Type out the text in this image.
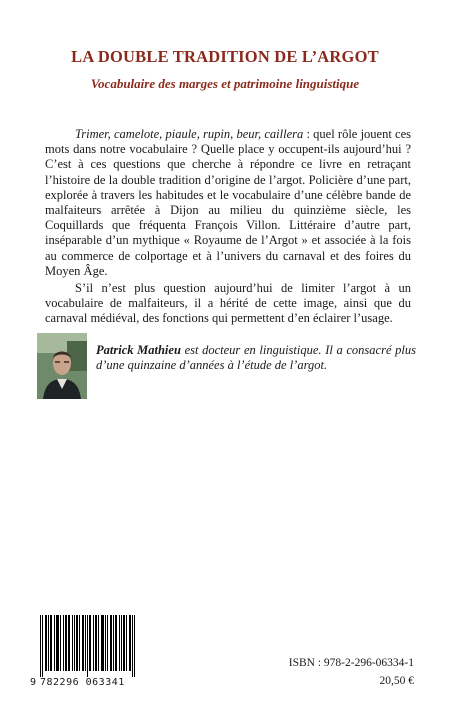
LA DOUBLE TRADITION DE L’ARGOT
Vocabulaire des marges et patrimoine linguistique

Trimer, camelote, piaule, rupin, beur, caillera : quel rôle jouent ces mots dans notre vocabulaire ? Quelle place y occupent-ils aujourd’hui ? C’est à ces questions que cherche à répondre ce livre en retraçant l’histoire de la double tradition d’origine de l’argot. Policière d’une part, explorée à travers les habitudes et le vocabulaire d’une célèbre bande de malfaiteurs arrêtée à Dijon au milieu du quinzième siècle, les Coquillards que fréquenta François Villon. Littéraire d’autre part, inséparable d’un mythique « Royaume de l’Argot » et associée à la fois au commerce de colportage et à l’univers du carnaval et des foires du Moyen Âge.

S’il n’est plus question aujourd’hui de limiter l’argot à un vocabulaire de malfaiteurs, il a hérité de cette image, ainsi que du carnaval médiéval, des fonctions qui permettent d’en éclairer l’usage.

Patrick Mathieu est docteur en linguistique. Il a consacré plus d’une quinzaine d’années à l’étude de l’argot.
9 782296 063341
ISBN : 978-2-296-06334-1
20,50 €
